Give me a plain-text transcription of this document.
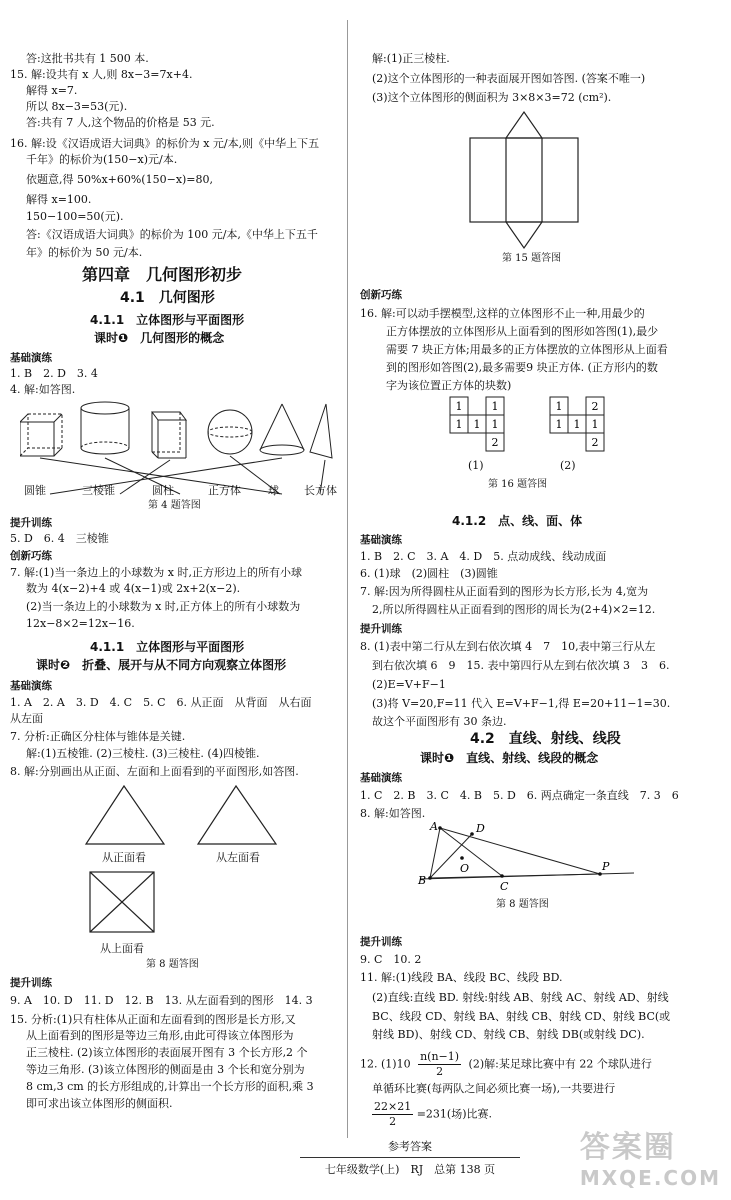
答:这批书共有 1 500 本.
15. 解:设共有 x 人,则 8x−3=7x+4.
解得 x=7.
所以 8x−3=53(元).
答:共有 7 人,这个物品的价格是 53 元.
16. 解:设《汉语成语大词典》的标价为 x 元/本,则《中华上下五
千年》的标价为(150−x)元/本.
依题意,得 50%x+60%(150−x)=80,
解得 x=100.
150−100=50(元).
答:《汉语成语大词典》的标价为 100 元/本,《中华上下五千
年》的标价为 50 元/本.
第四章　几何图形初步
4.1　几何图形
4.1.1　立体图形与平面图形
课时❶　几何图形的概念
基础演练
1. B　2. D　3. 4
4. 解:如答图.
圆锥	三棱锥	圆柱	正方体 球 长方体
第 4 题答图
提升训练
5. D　6. 4　三棱锥
创新巧练
7. 解:(1)当一条边上的小球数为 x 时,正方形边上的所有小球
数为 4(x−2)+4 或 4(x−1)或 2x+2(x−2).
(2)当一条边上的小球数为 x 时,正方体上的所有小球数为
12x−8×2=12x−16.
4.1.1　立体图形与平面图形
课时❷　折叠、展开与从不同方向观察立体图形
基础演练
1. A　2. A　3. D　4. C　5. C　6. 从正面　从背面　从右面
从左面
7. 分析:正确区分柱体与锥体是关键.
解:(1)五棱锥. (2)三棱柱. (3)三棱柱. (4)四棱锥.
8. 解:分别画出从正面、左面和上面看到的平面图形,如答图.
从正面看	从左面看
从上面看
第 8 题答图
提升训练
9. A　10. D　11. D　12. B　13. 从左面看到的图形　14. 3
15. 分析:(1)只有柱体从正面和左面看到的图形是长方形,又
从上面看到的图形是等边三角形,由此可得该立体图形为
正三棱柱. (2)该立体图形的表面展开图有 3 个长方形,2 个
等边三角形. (3)该立体图形的侧面是由 3 个长和宽分别为
8 cm,3 cm 的长方形组成的,计算出一个长方形的面积,乘 3
即可求出该立体图形的侧面积.
解:(1)正三棱柱.
(2)这个立体图形的一种表面展开图如答图. (答案不唯一)
(3)这个立体图形的侧面积为 3×8×3=72 (cm²).
第 15 题答图
创新巧练
16. 解:可以动手摆模型,这样的立体图形不止一种,用最少的
正方体摆放的立体图形从上面看到的图形如答图(1),最少
需要 7 块正方体;用最多的正方体摆放的立体图形从上面看
到的图形如答图(2),最多需要9 块正方体. (正方形内的数
字为该位置正方体的块数)
1	1
1 1 1
2
1	2
1 1 1
2
(1)	(2)
第 16 题答图
4.1.2　点、线、面、体
基础演练
1. B　2. C　3. A　4. D　5. 点动成线、线动成面
6. (1)球　(2)圆柱　(3)圆锥
7. 解:因为所得圆柱从正面看到的图形为长方形,长为 4,宽为
2,所以所得圆柱从正面看到的图形的周长为(2+4)×2=12.
提升训练
8. (1)表中第二行从左到右依次填 4　7　10,表中第三行从左
到右依次填 6　9　15. 表中第四行从左到右依次填 3　3　6.
(2)E=V+F−1
(3)将 V=20,F=11 代入 E=V+F−1,得 E=20+11−1=30.
故这个平面图形有 30 条边.
4.2　直线、射线、线段
课时❶　直线、射线、线段的概念
基础演练
1. C　2. B　3. C　4. B　5. D　6. 两点确定一条直线　7. 3　6
8. 解:如答图.
A	D
O
B	C
P
第 8 题答图
提升训练
9. C　10. 2
11. 解:(1)线段 BA、线段 BC、线段 BD.
(2)直线:直线 BD. 射线:射线 AB、射线 AC、射线 AD、射线
BC、线段 CD、射线 BA、射线 CB、射线 CD、射线 BC(或
射线 BD)、射线 CD、射线 CB、射线 DB(或射线 DC).
12. $(1)10 \frac{n(n-1)}{2} (2)$解:某足球比赛中有 22 个球队进行
单循环比赛(每两队之间必须比赛一场),一共要进行
$\frac{22\times 21}{2} =231$(场)比赛.
参考答案
七年级数学(上)　RJ　总第 138 页
答案圈
MXQE.COM
